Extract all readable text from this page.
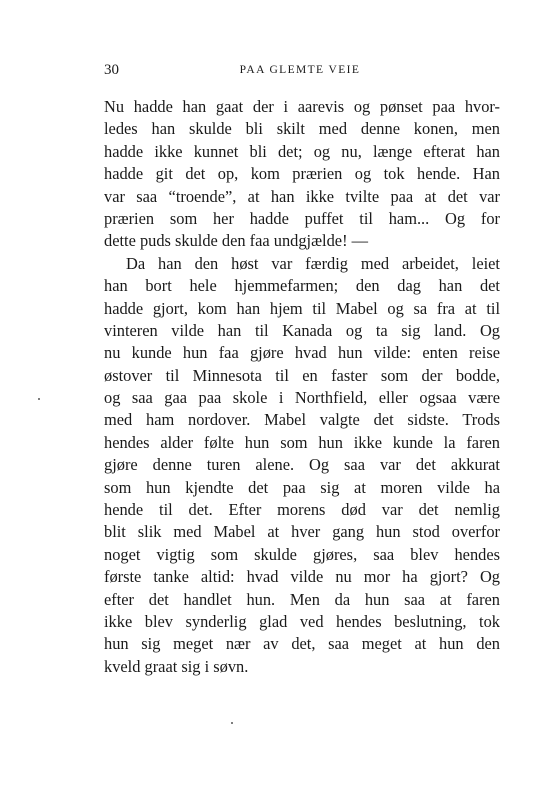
30	PAA GLEMTE VEIE
Nu hadde han gaat der i aarevis og pønset paa hvor-
ledes han skulde bli skilt med denne konen, men
hadde ikke kunnet bli det; og nu, længe efterat han
hadde git det op, kom prærien og tok hende. Han
var saa “troende”, at han ikke tvilte paa at det var
prærien som her hadde puffet til ham... Og for
dette puds skulde den faa undgjælde! —
Da han den høst var færdig med arbeidet, leiet
han bort hele hjemmefarmen; den dag han det
hadde gjort, kom han hjem til Mabel og sa fra at til
vinteren vilde han til Kanada og ta sig land. Og
nu kunde hun faa gjøre hvad hun vilde: enten reise
østover til Minnesota til en faster som der bodde,
og saa gaa paa skole i Northfield, eller ogsaa være
med ham nordover. Mabel valgte det sidste. Trods
hendes alder følte hun som hun ikke kunde la faren
gjøre denne turen alene. Og saa var det akkurat
som hun kjendte det paa sig at moren vilde ha
hende til det. Efter morens død var det nemlig
blit slik med Mabel at hver gang hun stod overfor
noget vigtig som skulde gjøres, saa blev hendes
første tanke altid: hvad vilde nu mor ha gjort? Og
efter det handlet hun. Men da hun saa at faren
ikke blev synderlig glad ved hendes beslutning, tok
hun sig meget nær av det, saa meget at hun den
kveld graat sig i søvn.
